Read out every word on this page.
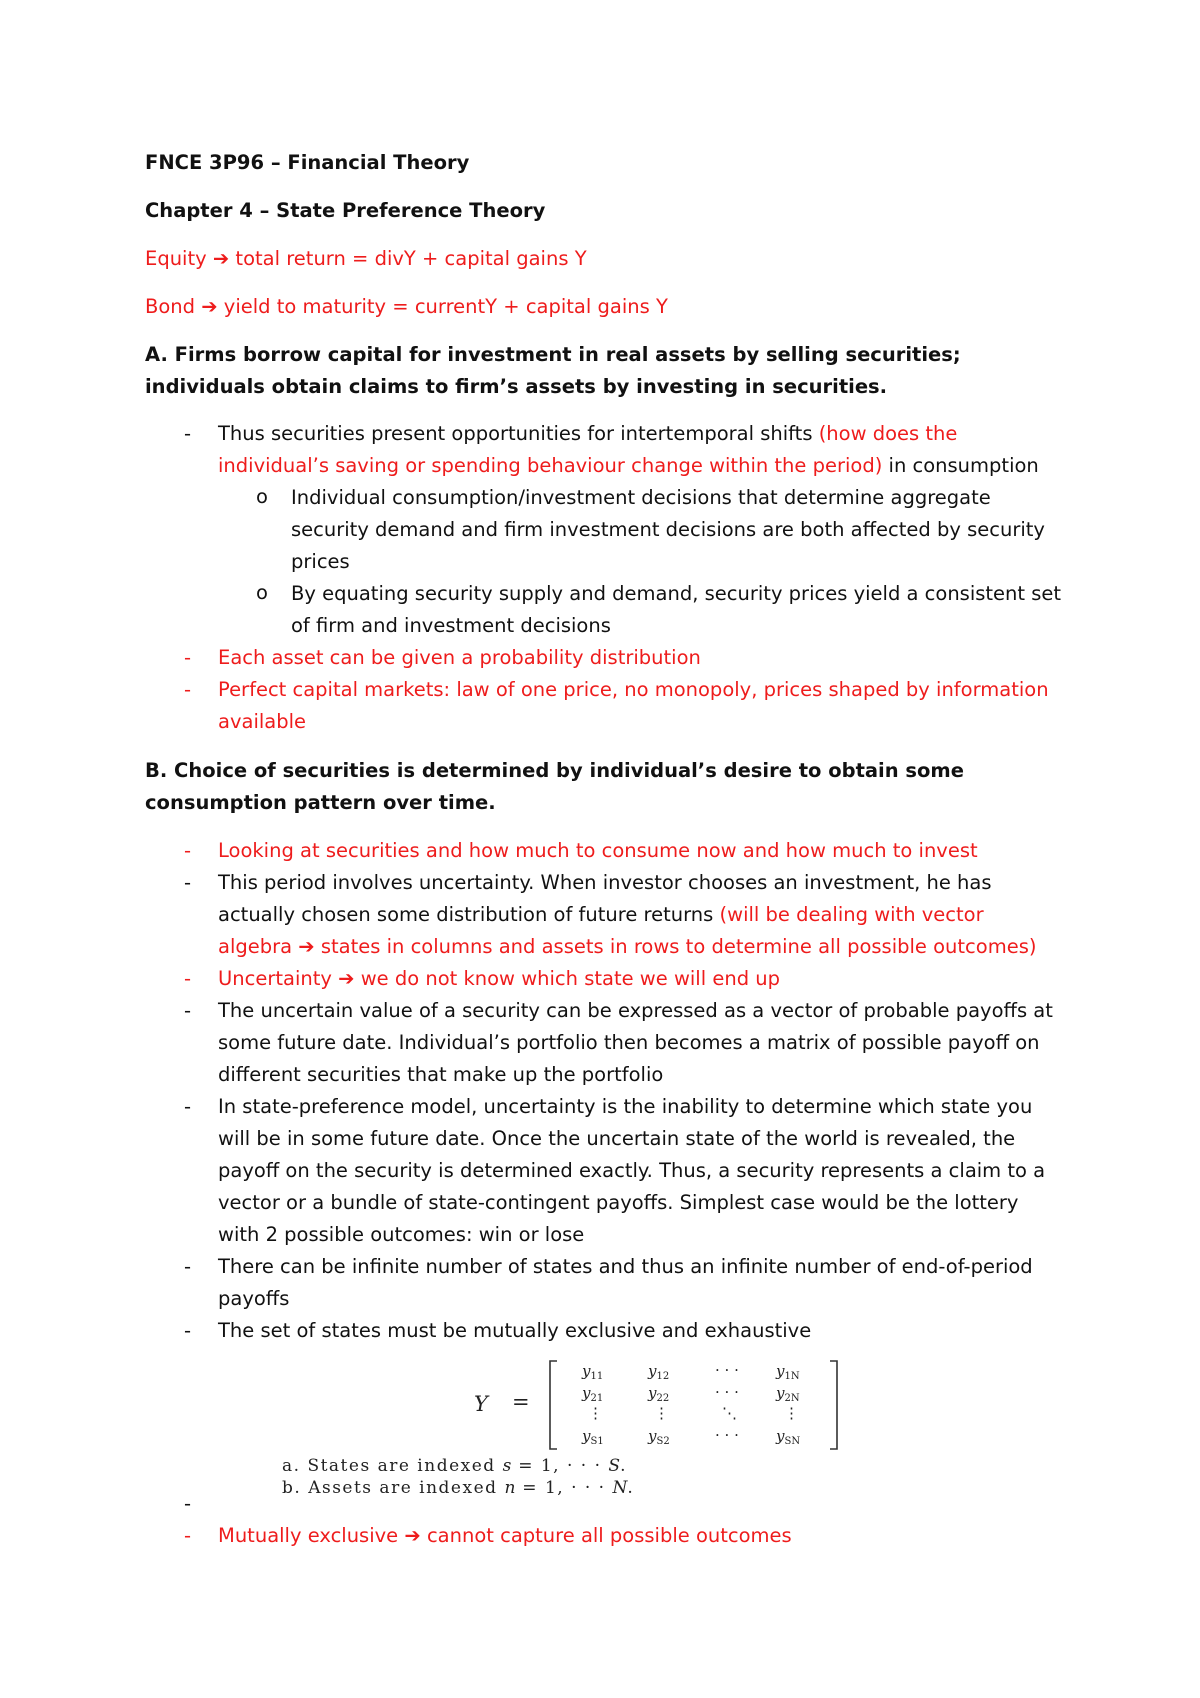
FNCE 3P96 – Financial Theory

Chapter 4 – State Preference Theory

Equity ➔ total return = divY + capital gains Y

Bond ➔ yield to maturity = currentY + capital gains Y

A. Firms borrow capital for investment in real assets by selling securities; individuals obtain claims to firm’s assets by investing in securities.

- Thus securities present opportunities for intertemporal shifts (how does the individual’s saving or spending behaviour change within the period) in consumption
o Individual consumption/investment decisions that determine aggregate security demand and firm investment decisions are both affected by security prices
o By equating security supply and demand, security prices yield a consistent set of firm and investment decisions
- Each asset can be given a probability distribution
- Perfect capital markets: law of one price, no monopoly, prices shaped by information available

B. Choice of securities is determined by individual’s desire to obtain some consumption pattern over time.

- Looking at securities and how much to consume now and how much to invest
- This period involves uncertainty. When investor chooses an investment, he has actually chosen some distribution of future returns (will be dealing with vector algebra ➔ states in columns and assets in rows to determine all possible outcomes)
- Uncertainty ➔ we do not know which state we will end up
- The uncertain value of a security can be expressed as a vector of probable payoffs at some future date. Individual’s portfolio then becomes a matrix of possible payoff on different securities that make up the portfolio
- In state-preference model, uncertainty is the inability to determine which state you will be in some future date. Once the uncertain state of the world is revealed, the payoff on the security is determined exactly. Thus, a security represents a claim to a vector or a bundle of state-contingent payoffs. Simplest case would be the lottery with 2 possible outcomes: win or lose
- There can be infinite number of states and thus an infinite number of end-of-period payoffs
- The set of states must be mutually exclusive and exhaustive
Y =
$y_{11}$	$y_{12}$	· · · $y_{1N}$
$y_{21}$	$y_{22}$	· · · $y_{2N}$
⋮	⋮	⋱	⋮
$y_{S1}$	$y_{S2}$	· · · $y_{SN}$
a. States are indexed s = 1, · · · S.
b. Assets are indexed n = 1, · · · N.

-

- Mutually exclusive ➔ cannot capture all possible outcomes
